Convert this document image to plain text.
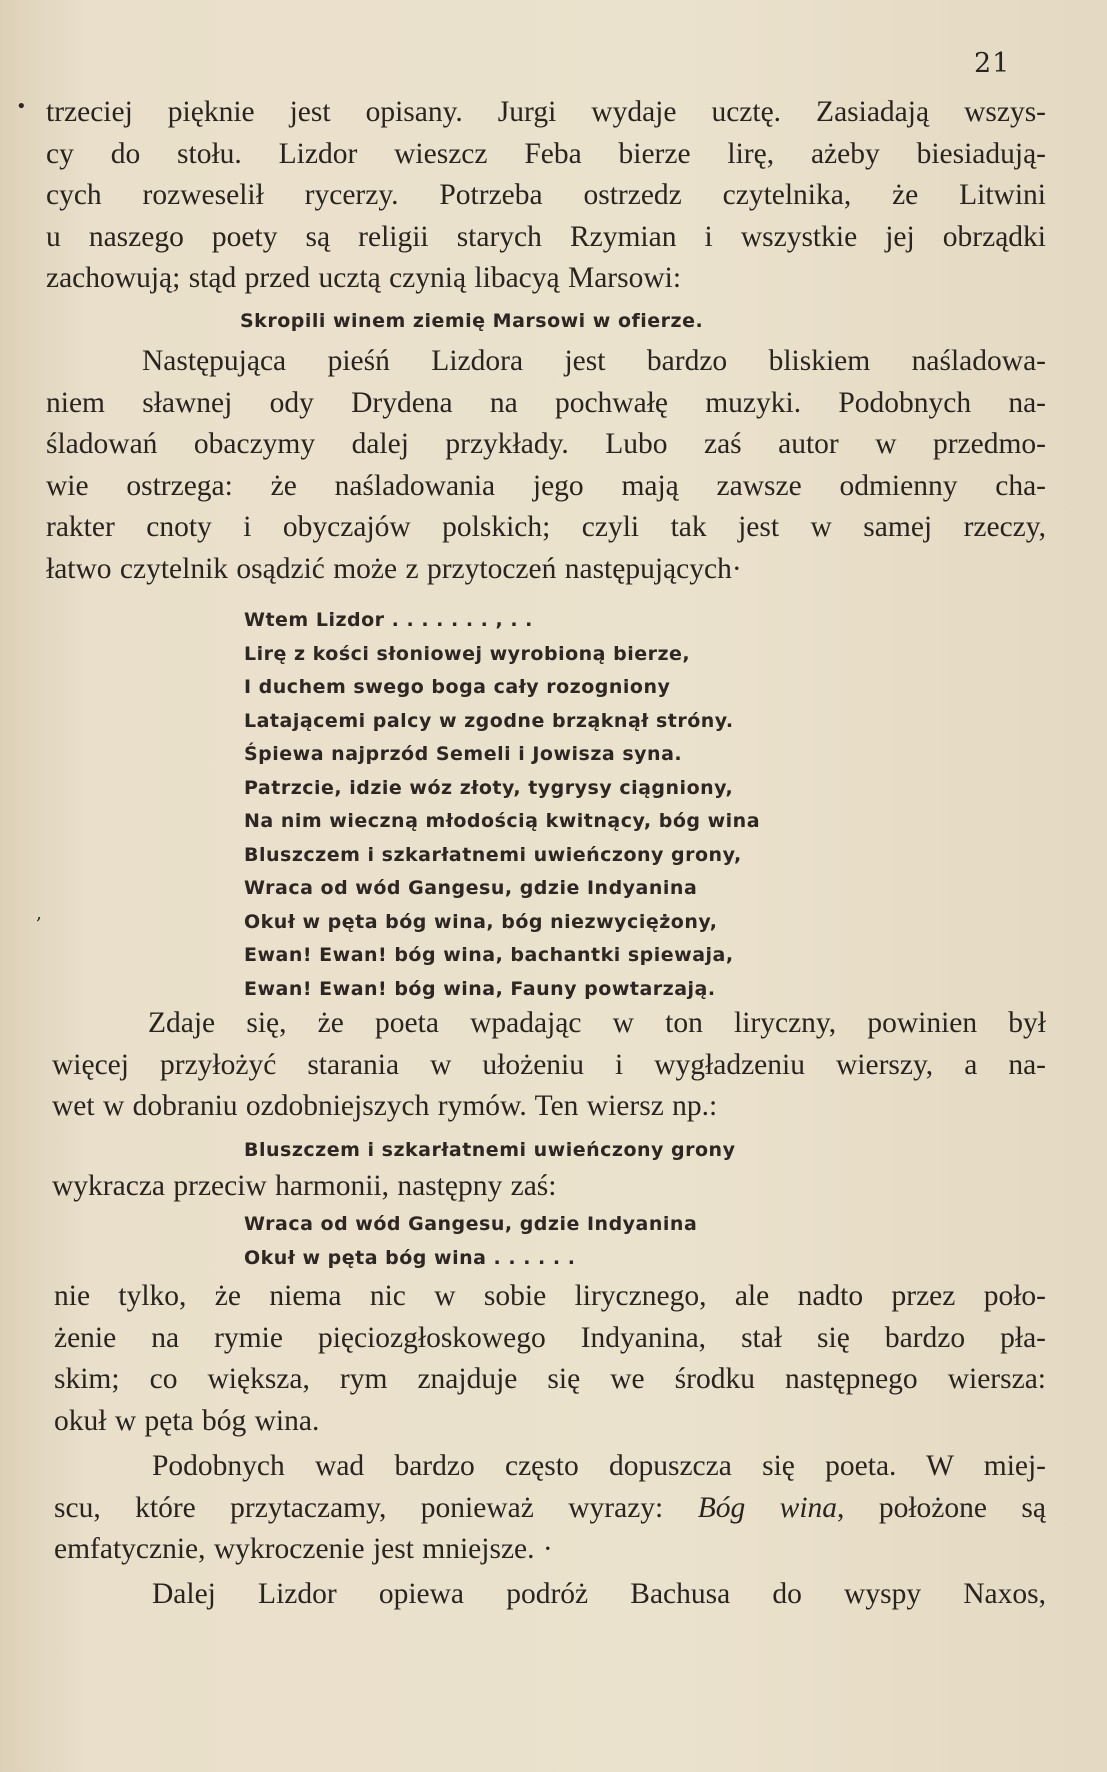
21
•
‚
trzeciej pięknie jest opisany. Jurgi wydaje ucztę. Zasiadają wszys-
cy do stołu. Lizdor wieszcz Feba bierze lirę, ażeby biesiadują-
cych rozweselił rycerzy. Potrzeba ostrzedz czytelnika, że Litwini
u naszego poety są religii starych Rzymian i wszystkie jej obrządki
zachowują; stąd przed ucztą czynią libacyą Marsowi:
Skropili winem ziemię Marsowi w ofierze.
Następująca pieśń Lizdora jest bardzo bliskiem naśladowa-
niem sławnej ody Drydena na pochwałę muzyki. Podobnych na-
śladowań obaczymy dalej przykłady. Lubo zaś autor w przedmo-
wie ostrzega: że naśladowania jego mają zawsze odmienny cha-
rakter cnoty i obyczajów polskich; czyli tak jest w samej rzeczy,
łatwo czytelnik osądzić może z przytoczeń następujących·
Wtem Lizdor . . . . . . . , . .
Lirę z kości słoniowej wyrobioną bierze,
I duchem swego boga cały rozogniony
Latającemi palcy w zgodne brząknął stróny.
Śpiewa najprzód Semeli i Jowisza syna.
Patrzcie, idzie wóz złoty, tygrysy ciągniony,
Na nim wieczną młodością kwitnący, bóg wina
Bluszczem i szkarłatnemi uwieńczony grony,
Wraca od wód Gangesu, gdzie Indyanina
Okuł w pęta bóg wina, bóg niezwyciężony,
Ewan! Ewan! bóg wina, bachantki spiewaja,
Ewan! Ewan! bóg wina, Fauny powtarzają.
Zdaje się, że poeta wpadając w ton liryczny, powinien był
więcej przyłożyć starania w ułożeniu i wygładzeniu wierszy, a na-
wet w dobraniu ozdobniejszych rymów. Ten wiersz np.:
Bluszczem i szkarłatnemi uwieńczony grony
wykracza przeciw harmonii, następny zaś:
Wraca od wód Gangesu, gdzie Indyanina
Okuł w pęta bóg wina . . . . . .
nie tylko, że niema nic w sobie lirycznego, ale nadto przez poło-
żenie na rymie pięciozgłoskowego Indyanina, stał się bardzo pła-
skim; co większa, rym znajduje się we środku następnego wiersza:
okuł w pęta bóg wina.
Podobnych wad bardzo często dopuszcza się poeta. W miej-
scu, które przytaczamy, ponieważ wyrazy: Bóg wina, położone są
emfatycznie, wykroczenie jest mniejsze. ·
Dalej Lizdor opiewa podróż Bachusa do wyspy Naxos,
